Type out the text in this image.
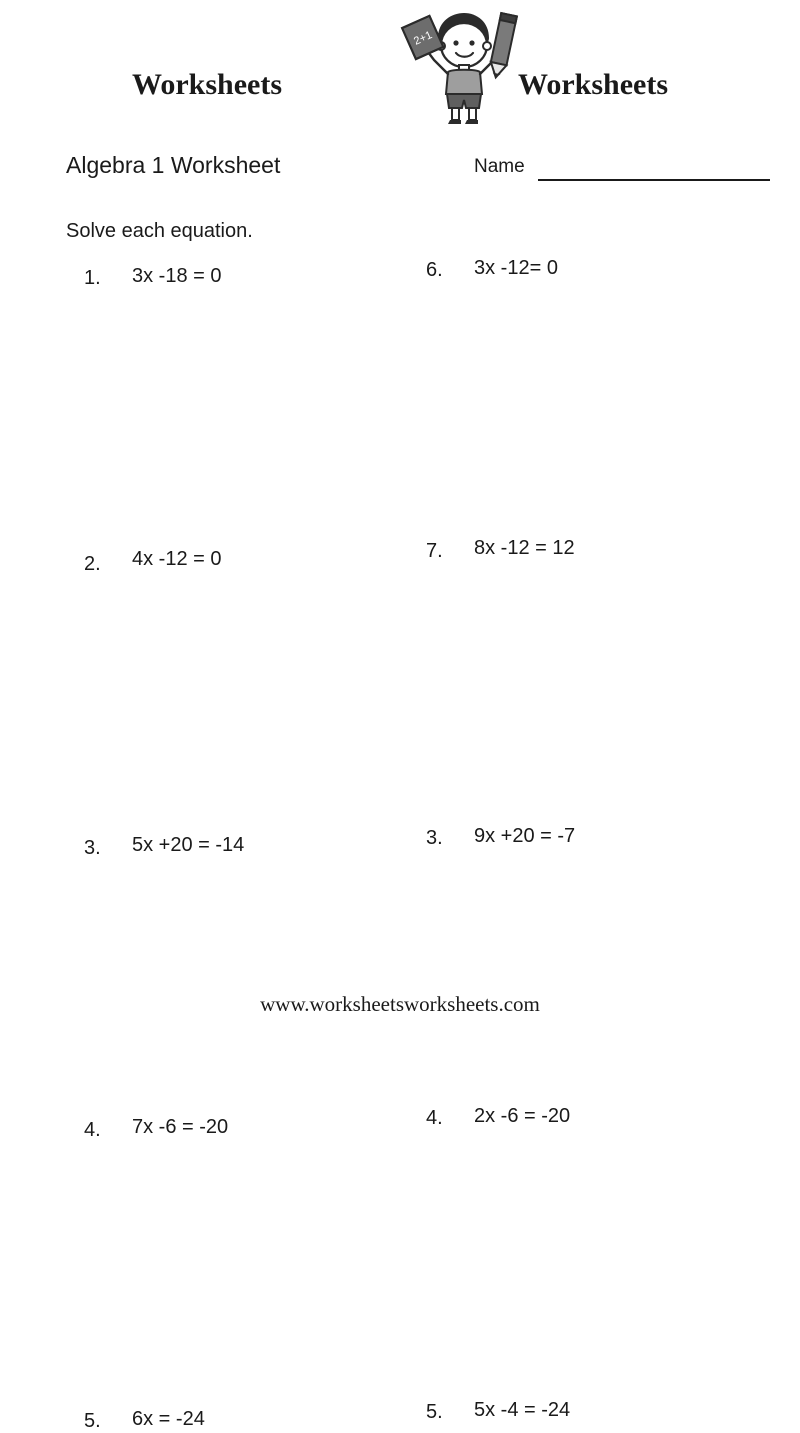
Worksheets	Worksheets
2+1
Algebra 1 Worksheet	Name
Solve each equation.
1. 3x -18 = 0
2. 4x -12 = 0
3. 5x +20 = -14
4. 7x -6 = -20
5. 6x = -24
6. 3x -12= 0
7. 8x -12 = 12
3. 9x +20 = -7
4. 2x -6 = -20
5. 5x -4 = -24
www.worksheetsworksheets.com
